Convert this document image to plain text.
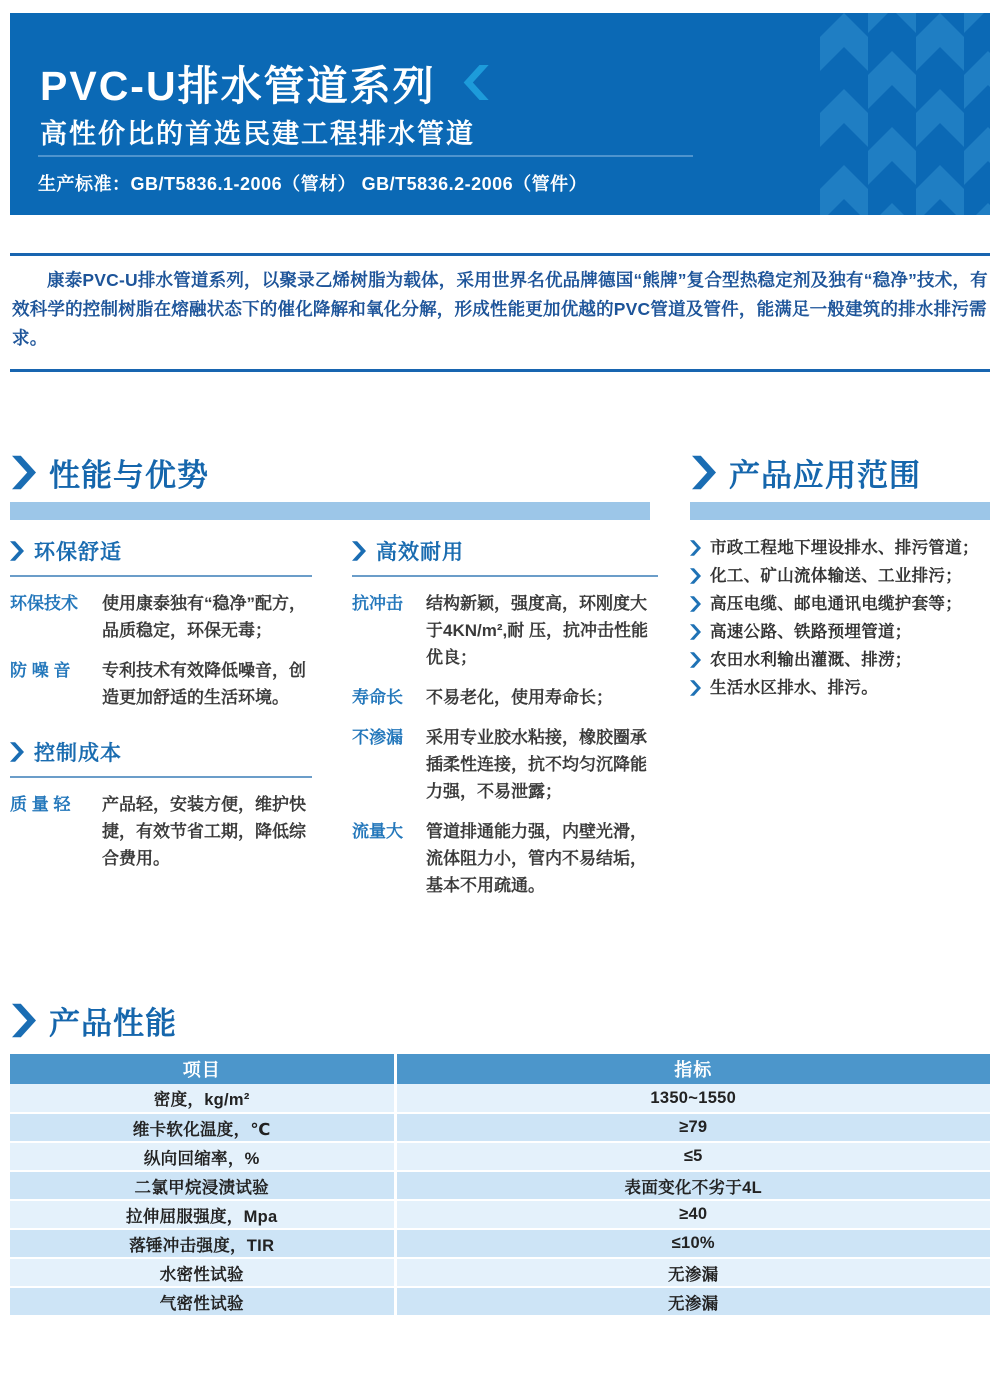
PVC-U排水管道系列
高性价比的首选民建工程排水管道
生产标准：GB/T5836.1-2006（管材） GB/T5836.2-2006（管件）

康泰PVC-U排水管道系列，以聚录乙烯树脂为载体，采用世界名优品牌德国“熊牌”复合型热稳定剂及独有“稳净”技术，有效科学的控制树脂在熔融状态下的催化降解和氧化分解，形成性能更加优越的PVC管道及管件，能满足一般建筑的排水排污需求。

性能与优势
环保舒适
环保技术	使用康泰独有“稳净”配方，品质稳定，环保无毒；
防 噪 音	专利技术有效降低噪音，创造更加舒适的生活环境。
控制成本
质 量 轻	产品轻，安装方便，维护快捷，有效节省工期，降低综合费用。
高效耐用
抗冲击	结构新颖，强度高，环刚度大于4KN/m²,耐 压，抗冲击性能优良；
寿命长	不易老化，使用寿命长；
不渗漏	采用专业胶水粘接，橡胶圈承插柔性连接，抗不均匀沉降能力强，不易泄露；
流量大	管道排通能力强，内壁光滑，流体阻力小，管内不易结垢，基本不用疏通。
产品应用范围
市政工程地下埋设排水、排污管道；
化工、矿山流体输送、工业排污；
高压电缆、邮电通讯电缆护套等；
高速公路、铁路预埋管道；
农田水利输出灌溉、排涝；
生活水区排水、排污。
产品性能
项目	指标
密度，kg/m²	1350~1550
维卡软化温度，℃	≥79
纵向回缩率，%	≤5
二氯甲烷浸渍试验	表面变化不劣于4L
拉伸屈服强度，Mpa	≥40
落锤冲击强度，TIR	≤10%
水密性试验	无渗漏
气密性试验	无渗漏
